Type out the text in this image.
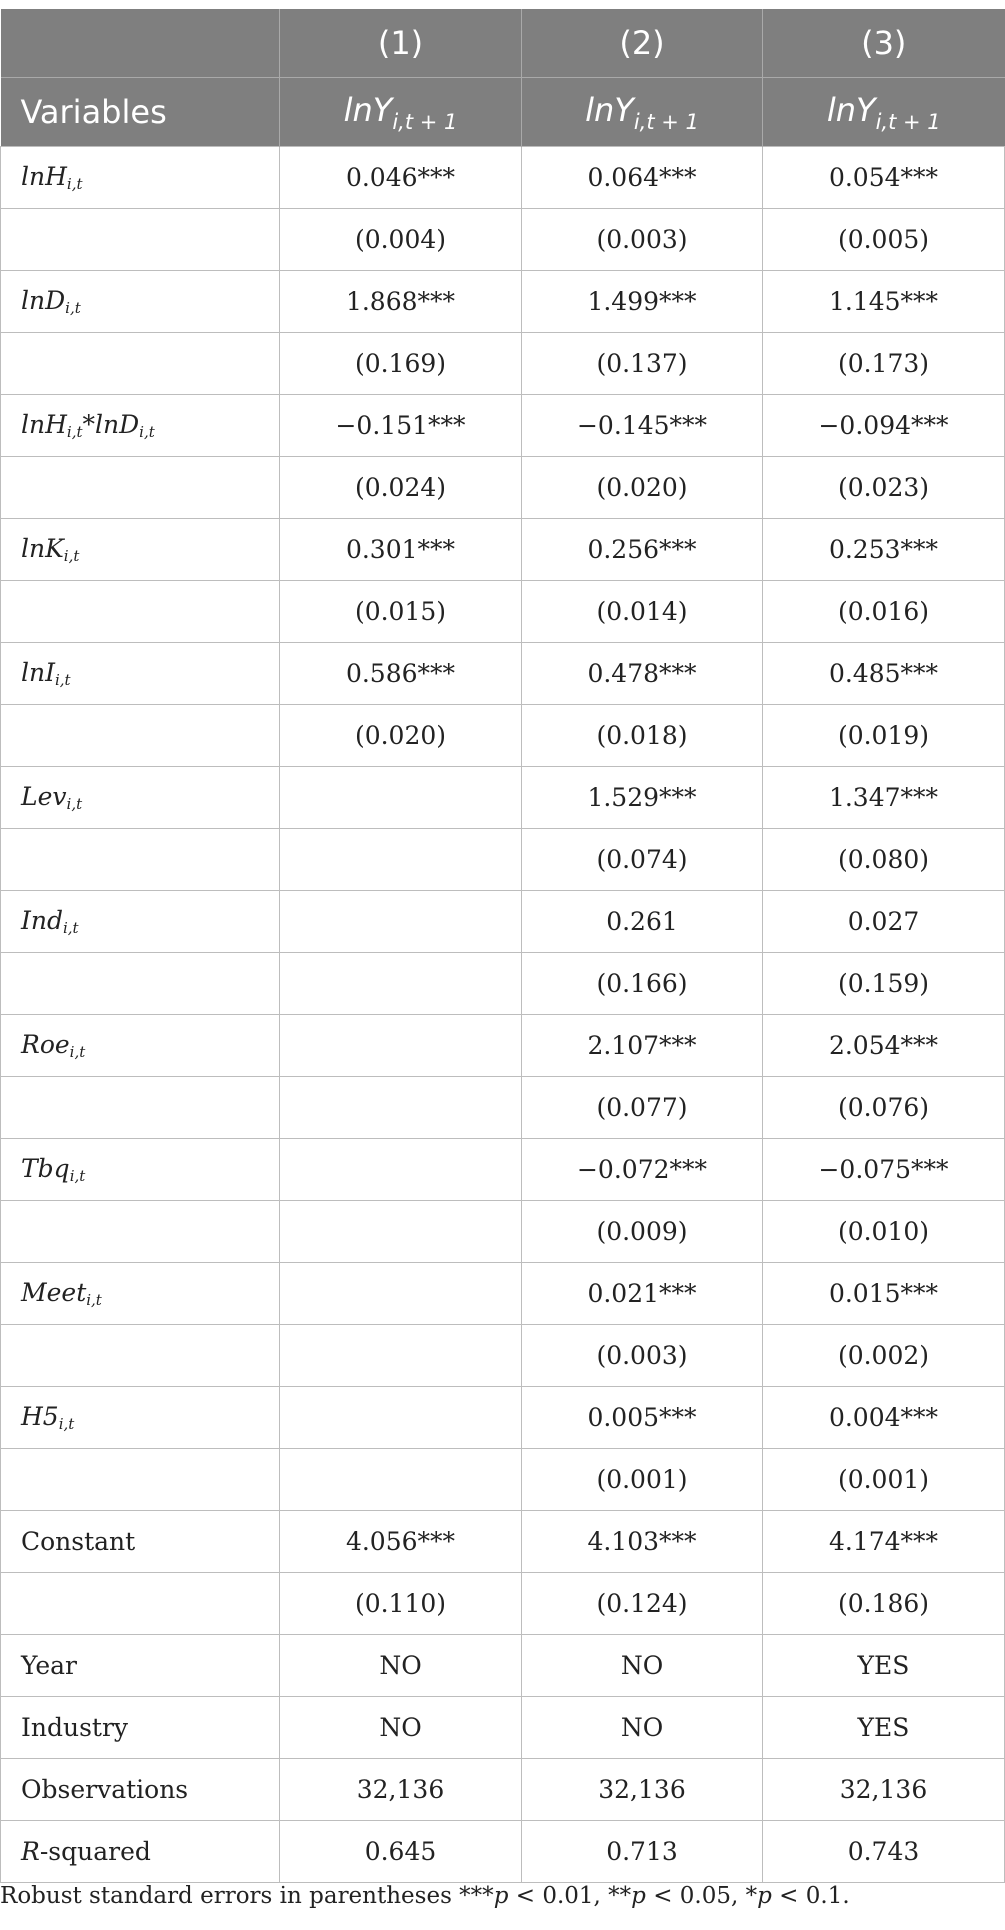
	(1)	(2)	(3)
Variables	lnY$_{i,t + 1}$	lnY$_{i,t + 1}$	lnY$_{i,t + 1}$
lnH$_{i,t}$	0.046***	0.064***	0.054***
	(0.004)	(0.003)	(0.005)
lnD$_{i,t}$	1.868***	1.499***	1.145***
	(0.169)	(0.137)	(0.173)
lnH$_{i,t}$*lnD$_{i,t}$	−0.151***	−0.145***	−0.094***
	(0.024)	(0.020)	(0.023)
lnK$_{i,t}$	0.301***	0.256***	0.253***
	(0.015)	(0.014)	(0.016)
lnI$_{i,t}$	0.586***	0.478***	0.485***
	(0.020)	(0.018)	(0.019)
Lev$_{i,t}$		1.529***	1.347***
		(0.074)	(0.080)
Ind$_{i,t}$		0.261	0.027
		(0.166)	(0.159)
Roe$_{i,t}$		2.107***	2.054***
		(0.077)	(0.076)
Tbq$_{i,t}$		−0.072***	−0.075***
		(0.009)	(0.010)
Meet$_{i,t}$		0.021***	0.015***
		(0.003)	(0.002)
$H5_{i,t}$		0.005***	0.004***
		(0.001)	(0.001)
Constant	4.056***	4.103***	4.174***
	(0.110)	(0.124)	(0.186)
Year	NO	NO	YES
Industry	NO	NO	YES
Observations	32,136	32,136	32,136
R-squared	0.645	0.713	0.743
Robust standard errors in parentheses ***p < 0.01, **p < 0.05, *p < 0.1.
